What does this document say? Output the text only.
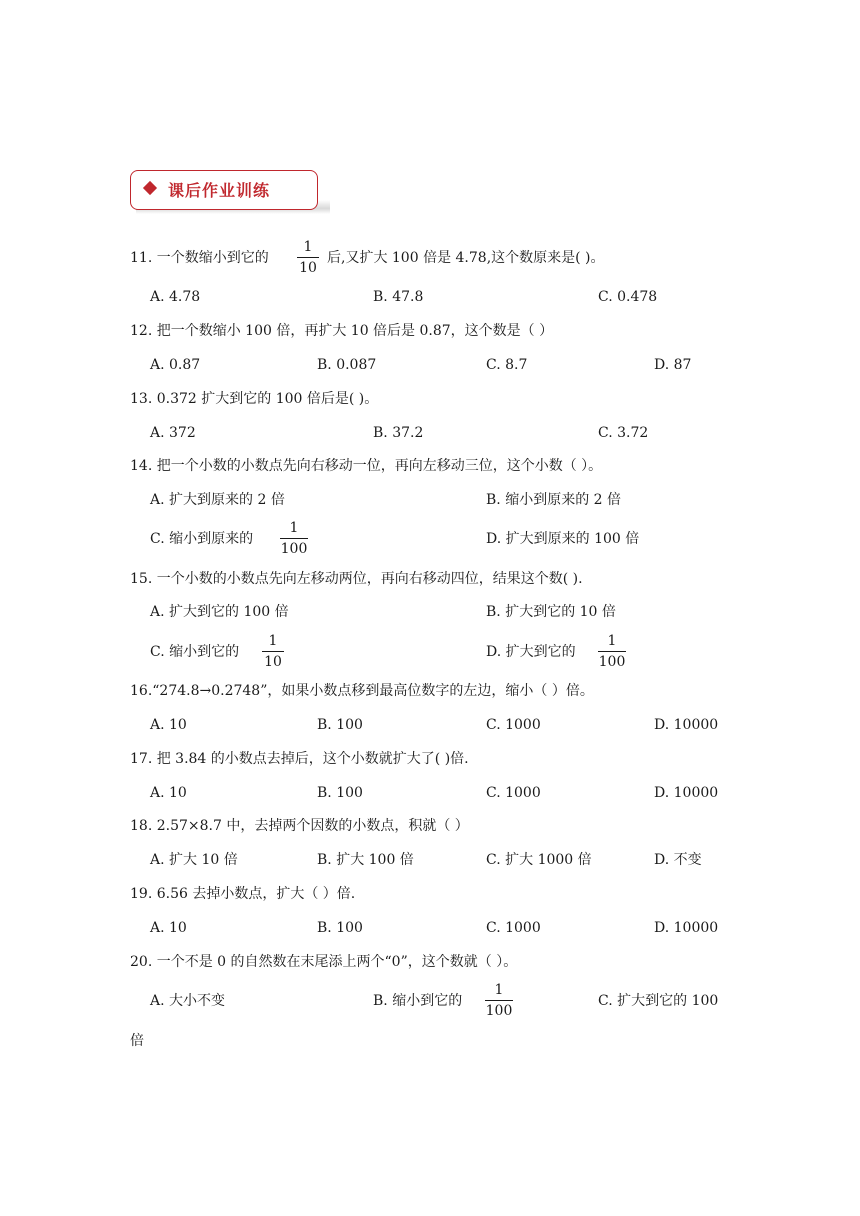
课后作业训练
11. 一个数缩小到它的
1
10
后,又扩大 100 倍是 4.78,这个数原来是( )。
A. 4.78	B. 47.8	C. 0.478
12. 把一个数缩小 100 倍，再扩大 10 倍后是 0.87，这个数是（ ）
A. 0.87	B. 0.087	C. 8.7	D. 87
13. 0.372 扩大到它的 100 倍后是( )。
A. 372	B. 37.2	C. 3.72
14. 把一个小数的小数点先向右移动一位，再向左移动三位，这个小数（ ）。
A. 扩大到原来的 2 倍	B. 缩小到原来的 2 倍
C. 缩小到原来的
1
100
D. 扩大到原来的 100 倍
15. 一个小数的小数点先向左移动两位，再向右移动四位，结果这个数( ).
A. 扩大到它的 100 倍	B. 扩大到它的 10 倍
C. 缩小到它的
1
10
D. 扩大到它的
1
100
16.“274.8→0.2748”，如果小数点移到最高位数字的左边，缩小（ ）倍。
A. 10	B. 100	C. 1000	D. 10000
17. 把 3.84 的小数点去掉后，这个小数就扩大了( )倍.
A. 10	B. 100	C. 1000	D. 10000
18. 2.57×8.7 中，去掉两个因数的小数点，积就（ ）
A. 扩大 10 倍	B. 扩大 100 倍	C. 扩大 1000 倍	D. 不变
19. 6.56 去掉小数点，扩大（ ）倍.
A. 10	B. 100	C. 1000	D. 10000
20. 一个不是 0 的自然数在末尾添上两个“0”，这个数就（ ）。
A. 大小不变	B. 缩小到它的
1
100
C. 扩大到它的 100
倍
